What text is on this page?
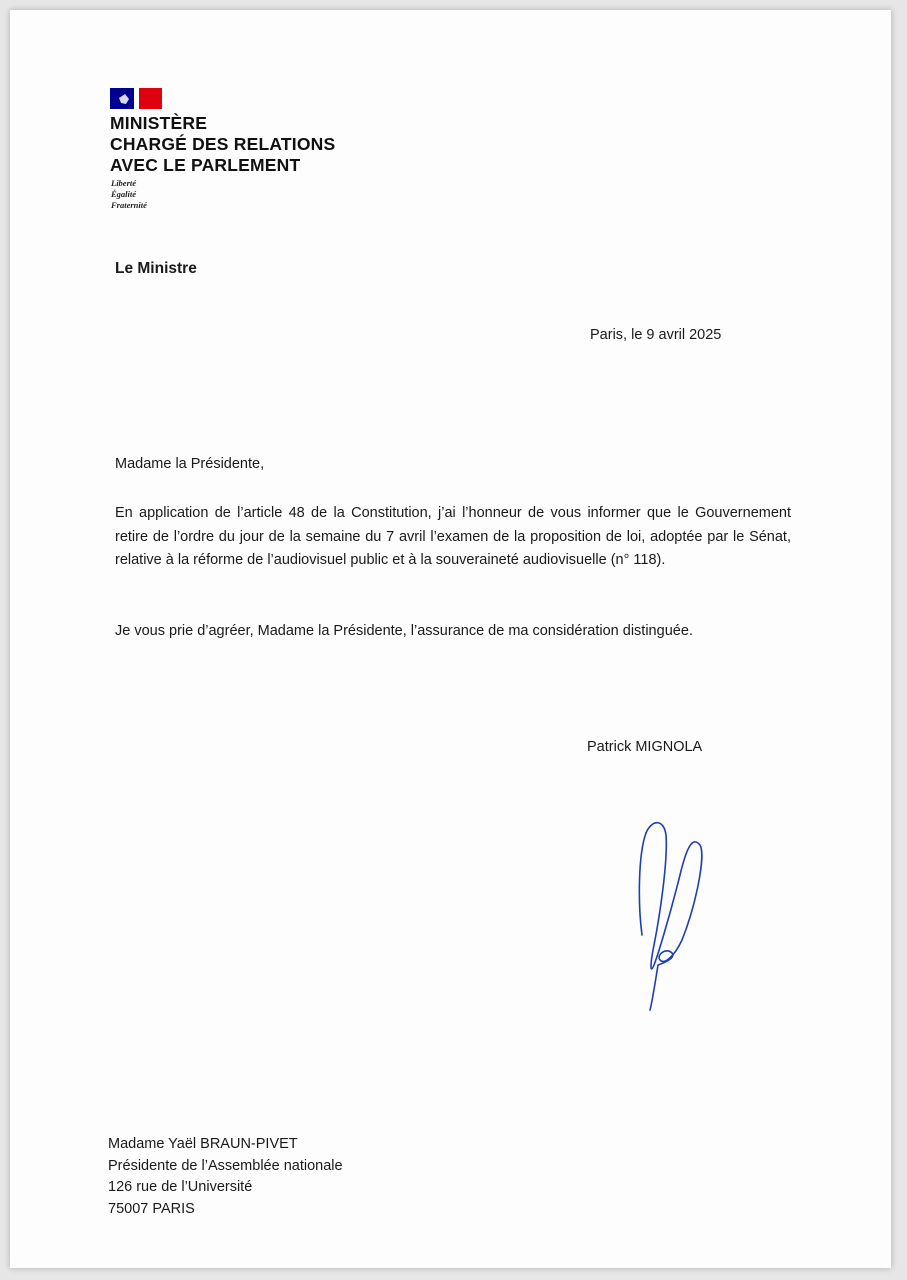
MINISTÈRE
CHARGÉ DES RELATIONS
AVEC LE PARLEMENT
Liberté
Égalité
Fraternité
Le Ministre
Paris, le 9 avril 2025
Madame la Présidente,
En application de l’article 48 de la Constitution, j’ai l’honneur de vous informer que le Gouvernement retire de l’ordre du jour de la semaine du 7 avril l’examen de la proposition de loi, adoptée par le Sénat, relative à la réforme de l’audiovisuel public et à la souveraineté audiovisuelle (n° 118).
Je vous prie d’agréer, Madame la Présidente, l’assurance de ma considération distinguée.
Patrick MIGNOLA
Madame Yaël BRAUN-PIVET
Présidente de l’Assemblée nationale
126 rue de l’Université
75007 PARIS
